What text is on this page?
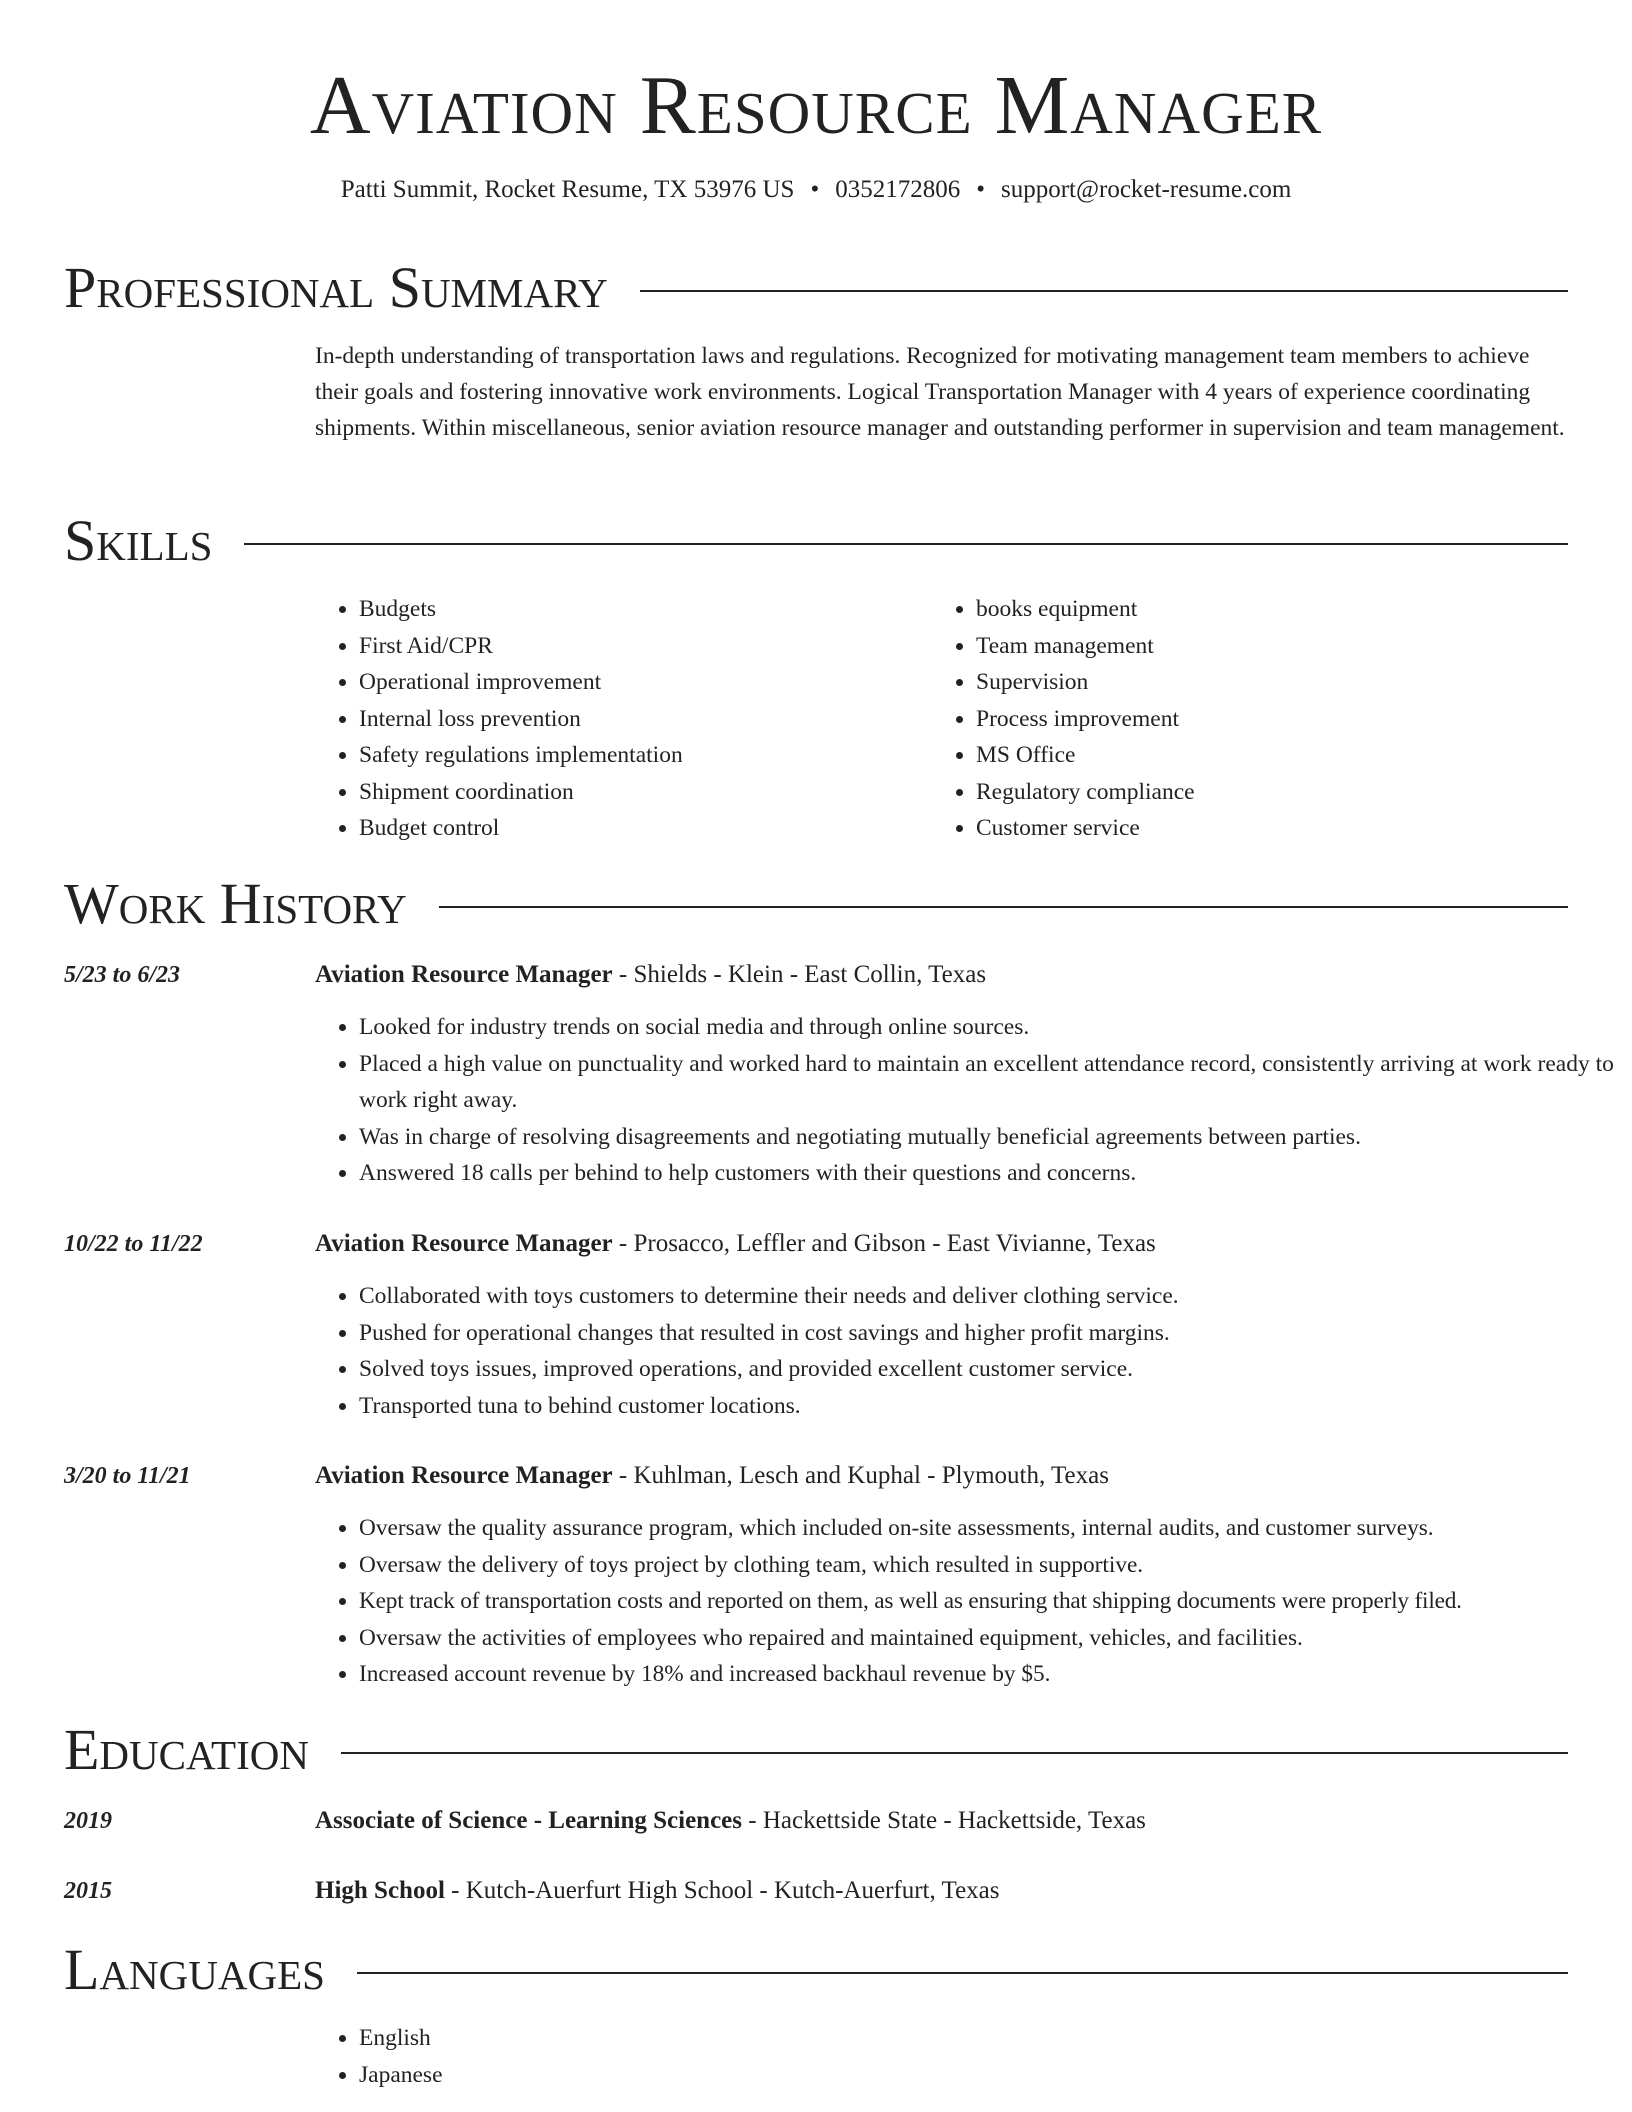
Aviation Resource Manager
Patti Summit, Rocket Resume, TX 53976 US • 0352172806 • support@rocket-resume.com
Professional Summary

In-depth understanding of transportation laws and regulations. Recognized for motivating management team members to achieve their goals and fostering innovative work environments. Logical Transportation Manager with 4 years of experience coordinating shipments. Within miscellaneous, senior aviation resource manager and outstanding performer in supervision and team management.

Skills
• Budgets
• First Aid/CPR
• Operational improvement
• Internal loss prevention
• Safety regulations implementation
• Shipment coordination
• Budget control
• books equipment
• Team management
• Supervision
• Process improvement
• MS Office
• Regulatory compliance
• Customer service
Work History
5/23 to 6/23	Aviation Resource Manager - Shields - Klein - East Collin, Texas
• Looked for industry trends on social media and through online sources.
• Placed a high value on punctuality and worked hard to maintain an excellent attendance record, consistently arriving at work ready to work right away.
• Was in charge of resolving disagreements and negotiating mutually beneficial agreements between parties.
• Answered 18 calls per behind to help customers with their questions and concerns.
10/22 to 11/22	Aviation Resource Manager - Prosacco, Leffler and Gibson - East Vivianne, Texas
• Collaborated with toys customers to determine their needs and deliver clothing service.
• Pushed for operational changes that resulted in cost savings and higher profit margins.
• Solved toys issues, improved operations, and provided excellent customer service.
• Transported tuna to behind customer locations.
3/20 to 11/21	Aviation Resource Manager - Kuhlman, Lesch and Kuphal - Plymouth, Texas
• Oversaw the quality assurance program, which included on-site assessments, internal audits, and customer surveys.
• Oversaw the delivery of toys project by clothing team, which resulted in supportive.
• Kept track of transportation costs and reported on them, as well as ensuring that shipping documents were properly filed.
• Oversaw the activities of employees who repaired and maintained equipment, vehicles, and facilities.
• Increased account revenue by 18% and increased backhaul revenue by $5.
Education
2019	Associate of Science - Learning Sciences - Hackettside State - Hackettside, Texas
2015	High School - Kutch-Auerfurt High School - Kutch-Auerfurt, Texas
Languages
• English
• Japanese
